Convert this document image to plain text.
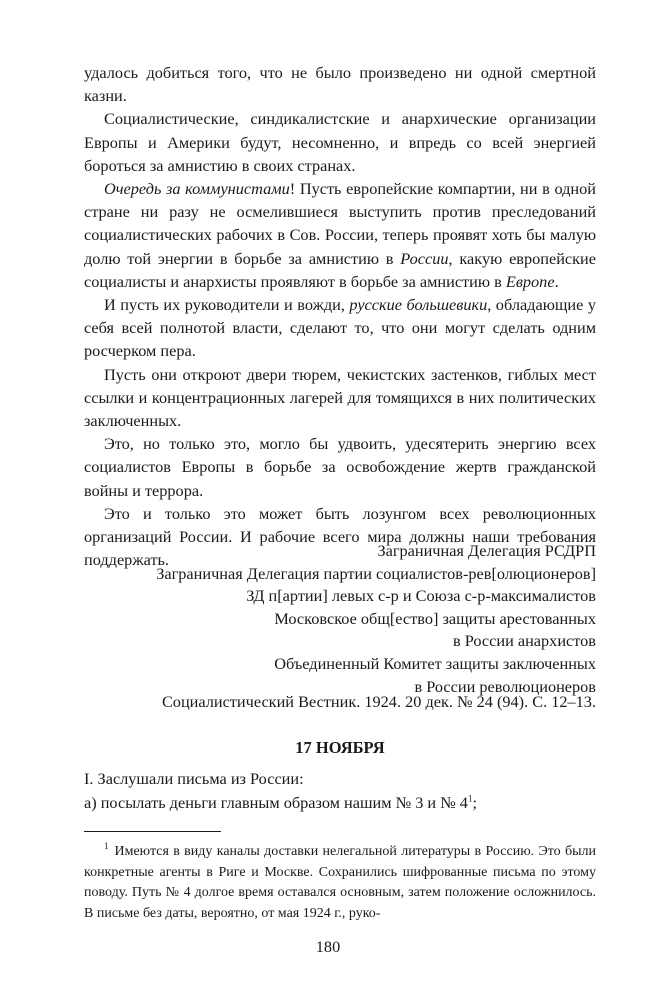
удалось добиться того, что не было произведено ни одной смертной казни.

Социалистические, синдикалистские и анархические организации Европы и Америки будут, несомненно, и впредь со всей энергией бороться за амнистию в своих странах.

Очередь за коммунистами! Пусть европейские компартии, ни в одной стране ни разу не осмелившиеся выступить против преследований социалистических рабочих в Сов. России, теперь проявят хоть бы малую долю той энергии в борьбе за амнистию в России, какую европейские социалисты и анархисты проявляют в борьбе за амнистию в Европе.

И пусть их руководители и вожди, русские большевики, обладающие у себя всей полнотой власти, сделают то, что они могут сделать одним росчерком пера.

Пусть они откроют двери тюрем, чекистских застенков, гиблых мест ссылки и концентрационных лагерей для томящихся в них политических заключенных.

Это, но только это, могло бы удвоить, удесятерить энергию всех социалистов Европы в борьбе за освобождение жертв гражданской войны и террора.

Это и только это может быть лозунгом всех революционных организаций России. И рабочие всего мира должны наши требования поддержать.	Заграничная Делегация РСДРП
Заграничная Делегация партии социалистов-рев[олюционеров]
ЗД п[артии] левых с-р и Союза с-р-максималистов
Московское общ[ество] защиты арестованных
в России анархистов
Объединенный Комитет защиты заключенных
в России революционеров
Социалистический Вестник. 1924. 20 дек. № 24 (94). С. 12–13.
17 НОЯБРЯ
I. Заслушали письма из России:
а) посылать деньги главным образом нашим № 3 и № $4^1$;

$^1$ Имеются в виду каналы доставки нелегальной литературы в Россию. Это были конкретные агенты в Риге и Москве. Сохранились шифрованные письма по этому поводу. Путь № 4 долгое время оставался основным, затем положение осложнилось. В письме без даты, вероятно, от мая 1924 г., руко-

180
